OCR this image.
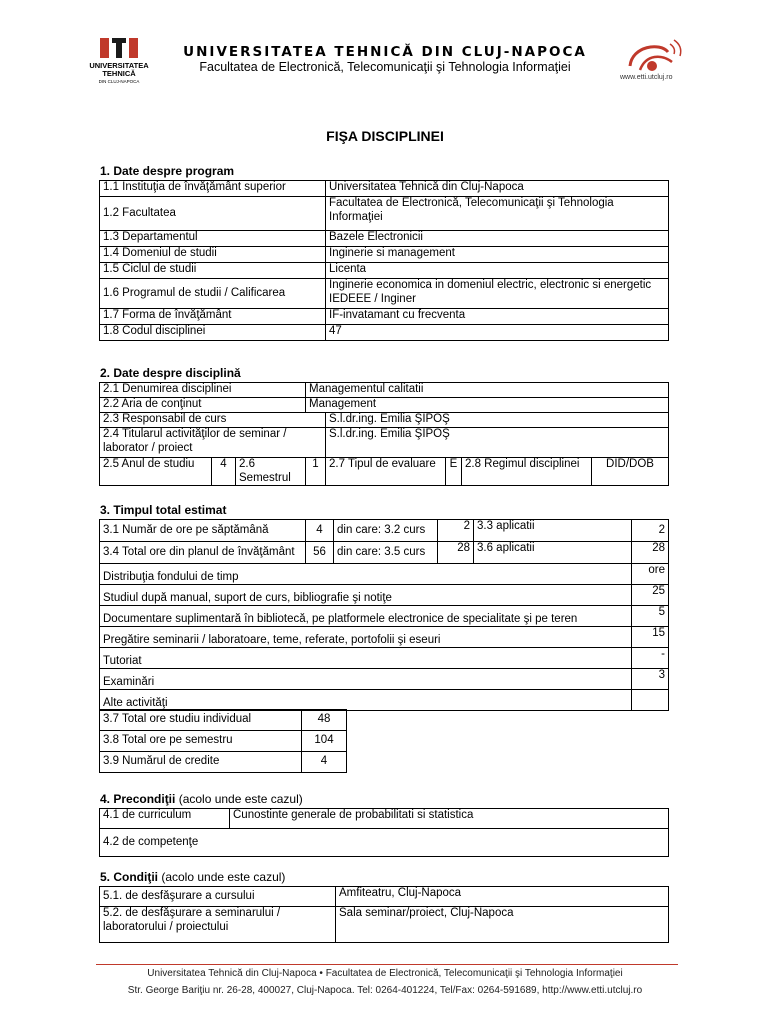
UNIVERSITATEA
TEHNICĂ
DIN CLUJ-NAPOCA
UNIVERSITATEA TEHNICĂ DIN CLUJ-NAPOCA
Facultatea de Electronică, Telecomunicaţii şi Tehnologia Informaţiei
www.etti.utcluj.ro
FIŞA DISCIPLINEI
1. Date despre program
1.1 Instituţia de învăţământ superior	Universitatea Tehnică din Cluj-Napoca
1.2 Facultatea	Facultatea de Electronică, Telecomunicaţii şi Tehnologia Informaţiei
1.3 Departamentul	Bazele Electronicii
1.4 Domeniul de studii	Inginerie si management
1.5 Ciclul de studii	Licenta
1.6 Programul de studii / Calificarea	Inginerie economica in domeniul electric, electronic si energetic IEDEEE / Inginer
1.7 Forma de învăţământ	IF-invatamant cu frecventa
1.8 Codul disciplinei	47
2. Date despre disciplină
2.1 Denumirea disciplinei			Managementul calitatii				
2.2 Aria de conţinut			Management				
2.3 Responsabil de curs				S.l.dr.ing. Emilia ŞIPOŞ			
2.4 Titularul activităţilor de seminar / laborator / proiect				S.l.dr.ing. Emilia ŞIPOŞ			
2.5 Anul de studiu	4	2.6 Semestrul	1	2.7 Tipul de evaluare	E	2.8 Regimul disciplinei	DID/DOB
3. Timpul total estimat
3.1 Număr de ore pe săptămână	4	din care: 3.2 curs	2	3.3 aplicatii	2
3.4 Total ore din planul de învăţământ	56	din care: 3.5 curs	28	3.6 aplicatii	28
Distribuţia fondului de timp					ore
Studiul după manual, suport de curs, bibliografie şi notiţe					25
Documentare suplimentară în bibliotecă, pe platformele electronice de specialitate şi pe teren					5
Pregătire seminarii / laboratoare, teme, referate, portofolii şi eseuri					15
Tutoriat					-
Examinări					3
Alte activităţi					
3.7 Total ore studiu individual	48
3.8 Total ore pe semestru	104
3.9 Numărul de credite	4
4. Precondiţii (acolo unde este cazul)
4.1 de curriculum	Cunostinte generale de probabilitati si statistica
4.2 de competenţe
5. Condiţii (acolo unde este cazul)
5.1. de desfăşurare a cursului	Amfiteatru, Cluj-Napoca
5.2. de desfăşurare a seminarului / laboratorului / proiectului	Sala seminar/proiect, Cluj-Napoca
Universitatea Tehnică din Cluj-Napoca • Facultatea de Electronică, Telecomunicaţii şi Tehnologia Informaţiei
Str. George Bariţiu nr. 26-28, 400027, Cluj-Napoca. Tel: 0264-401224, Tel/Fax: 0264-591689, http://www.etti.utcluj.ro
